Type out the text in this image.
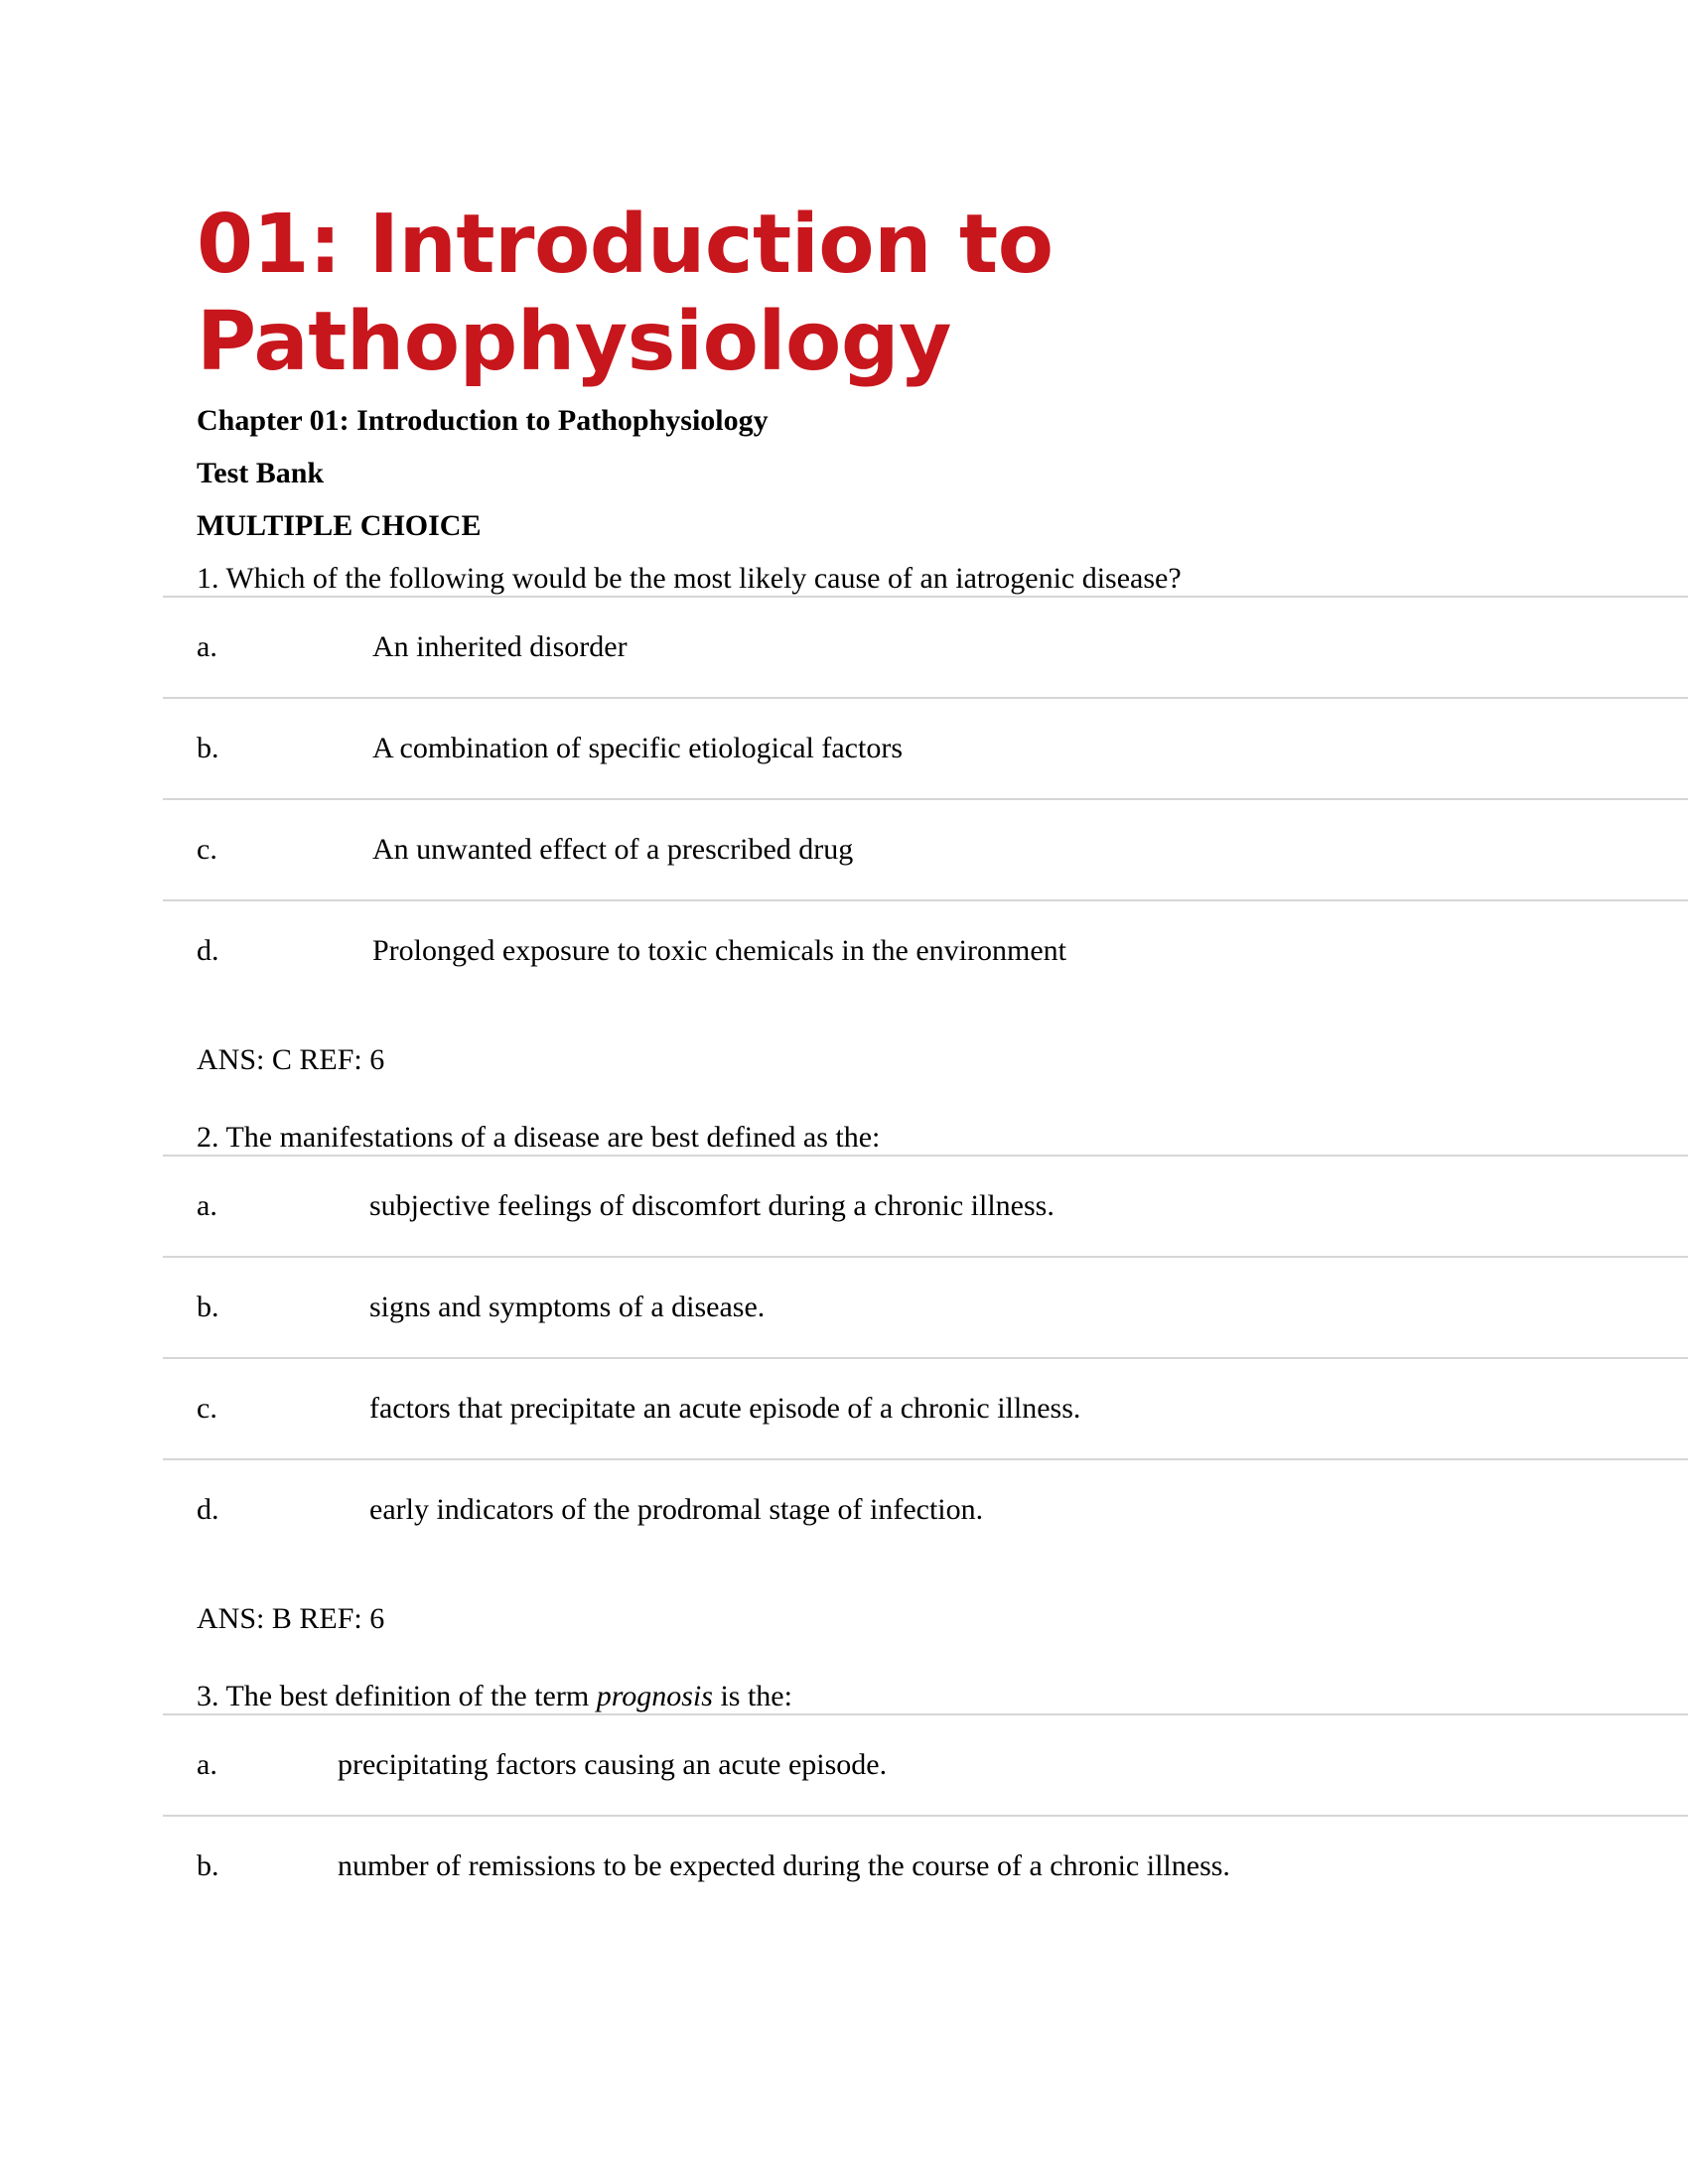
01: Introduction to
Pathophysiology

Chapter 01: Introduction to Pathophysiology

Test Bank

MULTIPLE CHOICE

1. Which of the following would be the most likely cause of an iatrogenic disease?

a.	An inherited disorder
b.	A combination of specific etiological factors
c.	An unwanted effect of a prescribed drug
d.	Prolonged exposure to toxic chemicals in the environment

ANS: C REF: 6

2. The manifestations of a disease are best defined as the:

a.	subjective feelings of discomfort during a chronic illness.
b.	signs and symptoms of a disease.
c.	factors that precipitate an acute episode of a chronic illness.
d.	early indicators of the prodromal stage of infection.

ANS: B REF: 6

3. The best definition of the term prognosis is the:

a.	precipitating factors causing an acute episode.
b.	number of remissions to be expected during the course of a chronic illness.
